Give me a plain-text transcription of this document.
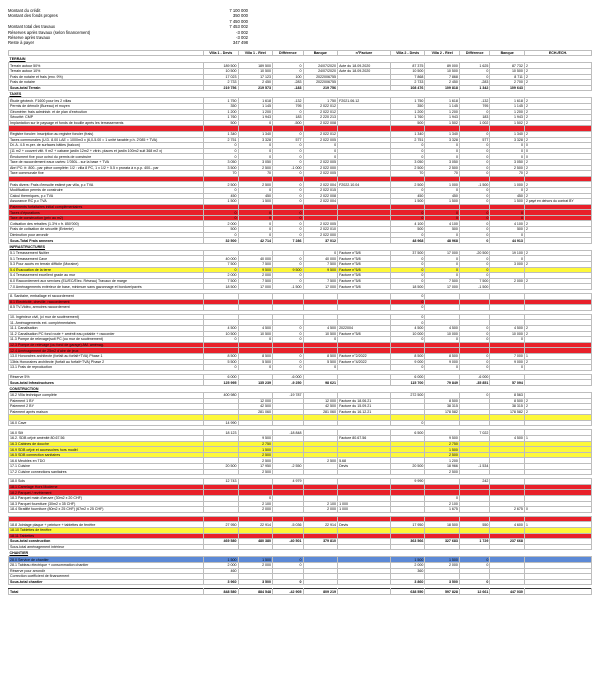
Montant du crédit	7 100 000
Montant des fonds propres	350 000
7 450 000
Montant total des travaux	7 453 002
Réserves après travaux (selon financement)	-3 002
Réserve après travaux	-3 002
Reste à payer	347 498
	Villa 1 - Devis	Villa 1 - Réel	Différence	Banque	n°Facture	Villa 2 - Devis	Villa 2 - Réel	Différence	Banque	ECH./ÉCH.
TERRAIN										
Terrain autour 50%	189 500	189 500	0	24/07/2020	Acte du 18.09.2020	87 375	89 000	1 625	87 732	2
Terrain autour 10%	10 500	10 500	0	24/07/2020	Acte du 18.09.2020	10 500	10 500	0	10 500	2
Frais de notaire et frais (env. 9%)	17 023	17 123	100	2022006755		7 868	7 868	0	8 711	2
Frais de notaire	2 733	2 450	-283	2022006755		2 733	2 450	-283	2 700	2
Sous-total Terrain	219 756	219 573	-183	219 756		108 476	109 818	1 342	109 643	
TAXES										
Étude géotech. F1600 pour les 2 villas	1 750	1 618	-132	1 750	F2021.06.12	1 750	1 618	-132	1 618	2
Permis de démolir (Bureau) et moyen	350	1 145	795	2 022 012		350	1 145	795	1 145	2
Géomètre: frais administr. et de plan d'exécution	1 200	1 200	0	2 022 012		1 200	1 200	0	1 200	2
Sécurité: CMP	1 760	1 943	183	2 220 213		1 760	1 943	183	1 943	2
Implantation sur le paysage et fonds de bouille après les terrassements	500	0	-500	2 022 008		500	1 502	1 002	1 502	2

Registre foncier: inscription au registre foncier (frais)	1 340	1 340	0	2 022 012		1 340	1 340	0	1 340	2
Taxes communales (U.D. 8.00 LAE = 1000m3 x (6,0-5.00 = 1 unité taxable p.h. 2'085 + TVA)	2 751	3 328	577	2 022 005		2 751	3 328	577	3 328	2
Dt. A. 4.5 m.per. de surfaces bâties (balcon)	0	0	0	0		0	0	0	0	0
(11 m2 + couvert vitit. 9 m2 + cabane jardin 12m2 + vitrin. places et jardin 100m2 suit 368 m2 x)	0	0	0	0		0	0	0	0	0
Émolument fixe pour octroi du permis de construire	0	0	0	0		0	0	0	0	0
Taxe de raccordement eaux usées: 1'050L - sur la base + TVA	3 050	3 050	0	2 022 005		3 050	3 050	0	3 050	2
Abri PC: fr. 800.- par pièce complète: 1/2 : villa 8 PC, 1 x 1/2 + 5.5 x prorata à n.p.p. 400.- par	3 500	2 500	-1 000	2 022 000		2 500	2 500	0	2 500	2
Taxe communale fixe	70	70	0	2 022 005		70	70	0	70	2

Frais divers: Frais d'ensuite estimé par villa, p.c TVA	2 500	2 500	0	2 022 004	F2022.10.04	2 500	1 000	-1 500	1 000	2
Modification permis de construire	0	0	0	2 022 015		0	0	0	0	2
Calcul thermiques, p.c TVA	450	450	0	2 022 008		450	450	0	450	2
Assurance RC p.c TVA	1 500	1 500	0	2 022 004		1 500	1 500	0	1 500	2 payé en dehors du contrat BY
Paiements forfaitaires initial complémentaires										
Taxes d'épurations	0	0	0			0	0	0	0	
Taxe de construction (prix au m2)	0	0	0			0	0	0	0	
Cotisation des retraites (1.3% x fr. 850'000)	2 000	0	0	2 022 005		4 100	4 100	0	4 100	2
Frais de cotisation de sécurité (Entente)	500	0	0	2 022 010		500	500	0	500	2
Diminution pour arrondir	0	0	0	2 022 000		0	0	0	0	
Sous-Total Frais annexes	32 500	42 714	7 286	37 012		48 968	48 968	0	44 913	
INFRASTRUCTURES										
5.1 Terrassement Nuitier				0	Facture n°5/8	37 500	17 000	-20 500	19 100	2
5.1 Terrassement Cave	40 000	40 000	0	40 000	Facture n°5/8	0	0	0	0	
5.3 Pour accès en terrain difficile (Moraine)	7 500	7 500	0	7 500	Facture n°5/8	0	0	0	3 000	2
5.4 Évacuation de la terre	0	9 500	9 500	9 500	Facture n°6/8	0	0	0		
5.4 Terrassement excellent grade au mur	2 000	2 000	0		Facture n°5/8	0	0	0		
6.0 Raccordement aux services (EU/EC/Élec. Réseau) Travaux de marge	7 500	7 500	0	7 500	Facture n°5/8	0	7 500	7 500	2 000	2
7.0 Aménagements extérieur de base, minimum sans gazonnage et bordure/pavés	18 500	17 000	-1 500	17 000	Facture n°5/8	18 500	17 000	-1 500		

8. Sanitaire, emballage et raccordement						0				
8.1 Électricité, cheville, raccordement						0				
8.5 TV-Vidéo, armoires raccordement						0				

10. Ingénieur civil, (ci mur de soutènement)						0				
11. Aménagements ext. complémentaires						0				
11.1 Canalisation	4 500	4 500	0	4 500	2022004	4 500	4 500	0	4 500	2
11.2 Canalisation PC fond route + aménit eau potable + raccorder	10 500	10 500	0	10 500	Facture n°5/8	10 000	10 000	0	10 000	2
11.3 Pompe de relevage(soit PC (ou mur de soutènement)	0	0	0	0		0	0	0	0	
12.3 Pompe de relevage (ou fond de garage) AM. aménag.										
12.4 Aménagement de 25m2 d'aire de jeux										
13.0 Honoraires architecte (forfait au forfait+TVA) Phase 1	8 500	8 500	0	8 500	Facture n°2/2022	8 500	8 500	0	7 000	1
13bis Honoraires architecte (forfait au forfait+TVA) Phase 2	5 500	5 500	0	5 500	Facture n°4/2022	9 000	9 000	0	9 000	2
13.1 Frais de reproduction	0	0	0	0		0	0	0	0	

Réserve 5%	6 000		-6 000			6 000		-6 000		
Sous-total Infrastructures	125 995	135 239	-9 250	98 621		115 700	79 849	-35 851	57 094	
CONSTRUCTION										
16.2 Villa technique complète	400 980		-19 787			272 500		0	8 563	
Paiement 1 BY		12 000		12 000	Facture du 18.06.21		8 500		8 500	2
Paiement 2 BY		42 500		42 500	Facture du 15.09.21		38 315		38 315	2
Paiement après maison		281 060		281 060	Facture du 16.12.21		178 582		178 582	2

16.0 Cave	14 990					0				

16.0 Silt	18 123		-18 848			6 500		7 022		
16.2. SDB céjvé aménité 80.67.56		9 500			Facture 80.67.56		9 500		4 500	1
16.3 Cabines de douche		2 750					2 750			
16.9 SDB céjvé et accessoires hors modèl		1 500					1 500			
16.5 SDB connection sanitaires		2 500					2 500			
16.6 Meubles en TDO		2 500		2 500	5.68		1 200			
17.1 Cuisine	20 500	17 950	-2 550		Devis	20 500	18 966	-1 534		
17.2 Cuisine connections sanitaires		2 500					2 500			

18.0 Sols	12 743		4 979			9 990		242		
18.1 Carrelage Hors Moderne										
18.2 Parquet / revêtement										
18.3 Parquet main d'œuvre (30m2 x 20 CHF)		0					0			
18.3 Parquet fourniture (30m2 x 35 CHF)		2 100		2 100	1 000		2 100			
18.4 Stratifié fourniture (80m2 x 25 CHF) (67m2 x 25 CHF)		2 000		2 000	1 000		1 675		2 675	0

18.8 Jointage plaque + peinture + tablettes de fenêtre	27 950	22 914	-5 036	22 914	Devis	17 950	18 500	550	4 600	1
18.10 Tablettes de fenêtre										
18.11 Tablettes										
Sous-total construction	469 580	480 380	-40 501	379 810		363 566	327 683	1 729	237 668	
Sous-total aménagement intérieur										
CHANTIER										
28.0 Service de chantier	1 500	1 500	0			1 500	1 500	0		
28.1 Tableau électrique + consommation chantier	2 000	2 000	0			2 000	2 000	0		
Réserve pour arrondir	460					360				
Correction coefficient de financement										
Sous-total chantier	3 960	3 500	0			3 860	3 500	0		

Total	848 580	884 548	-42 905	809 219		638 550	597 828	12 661	447 030	
